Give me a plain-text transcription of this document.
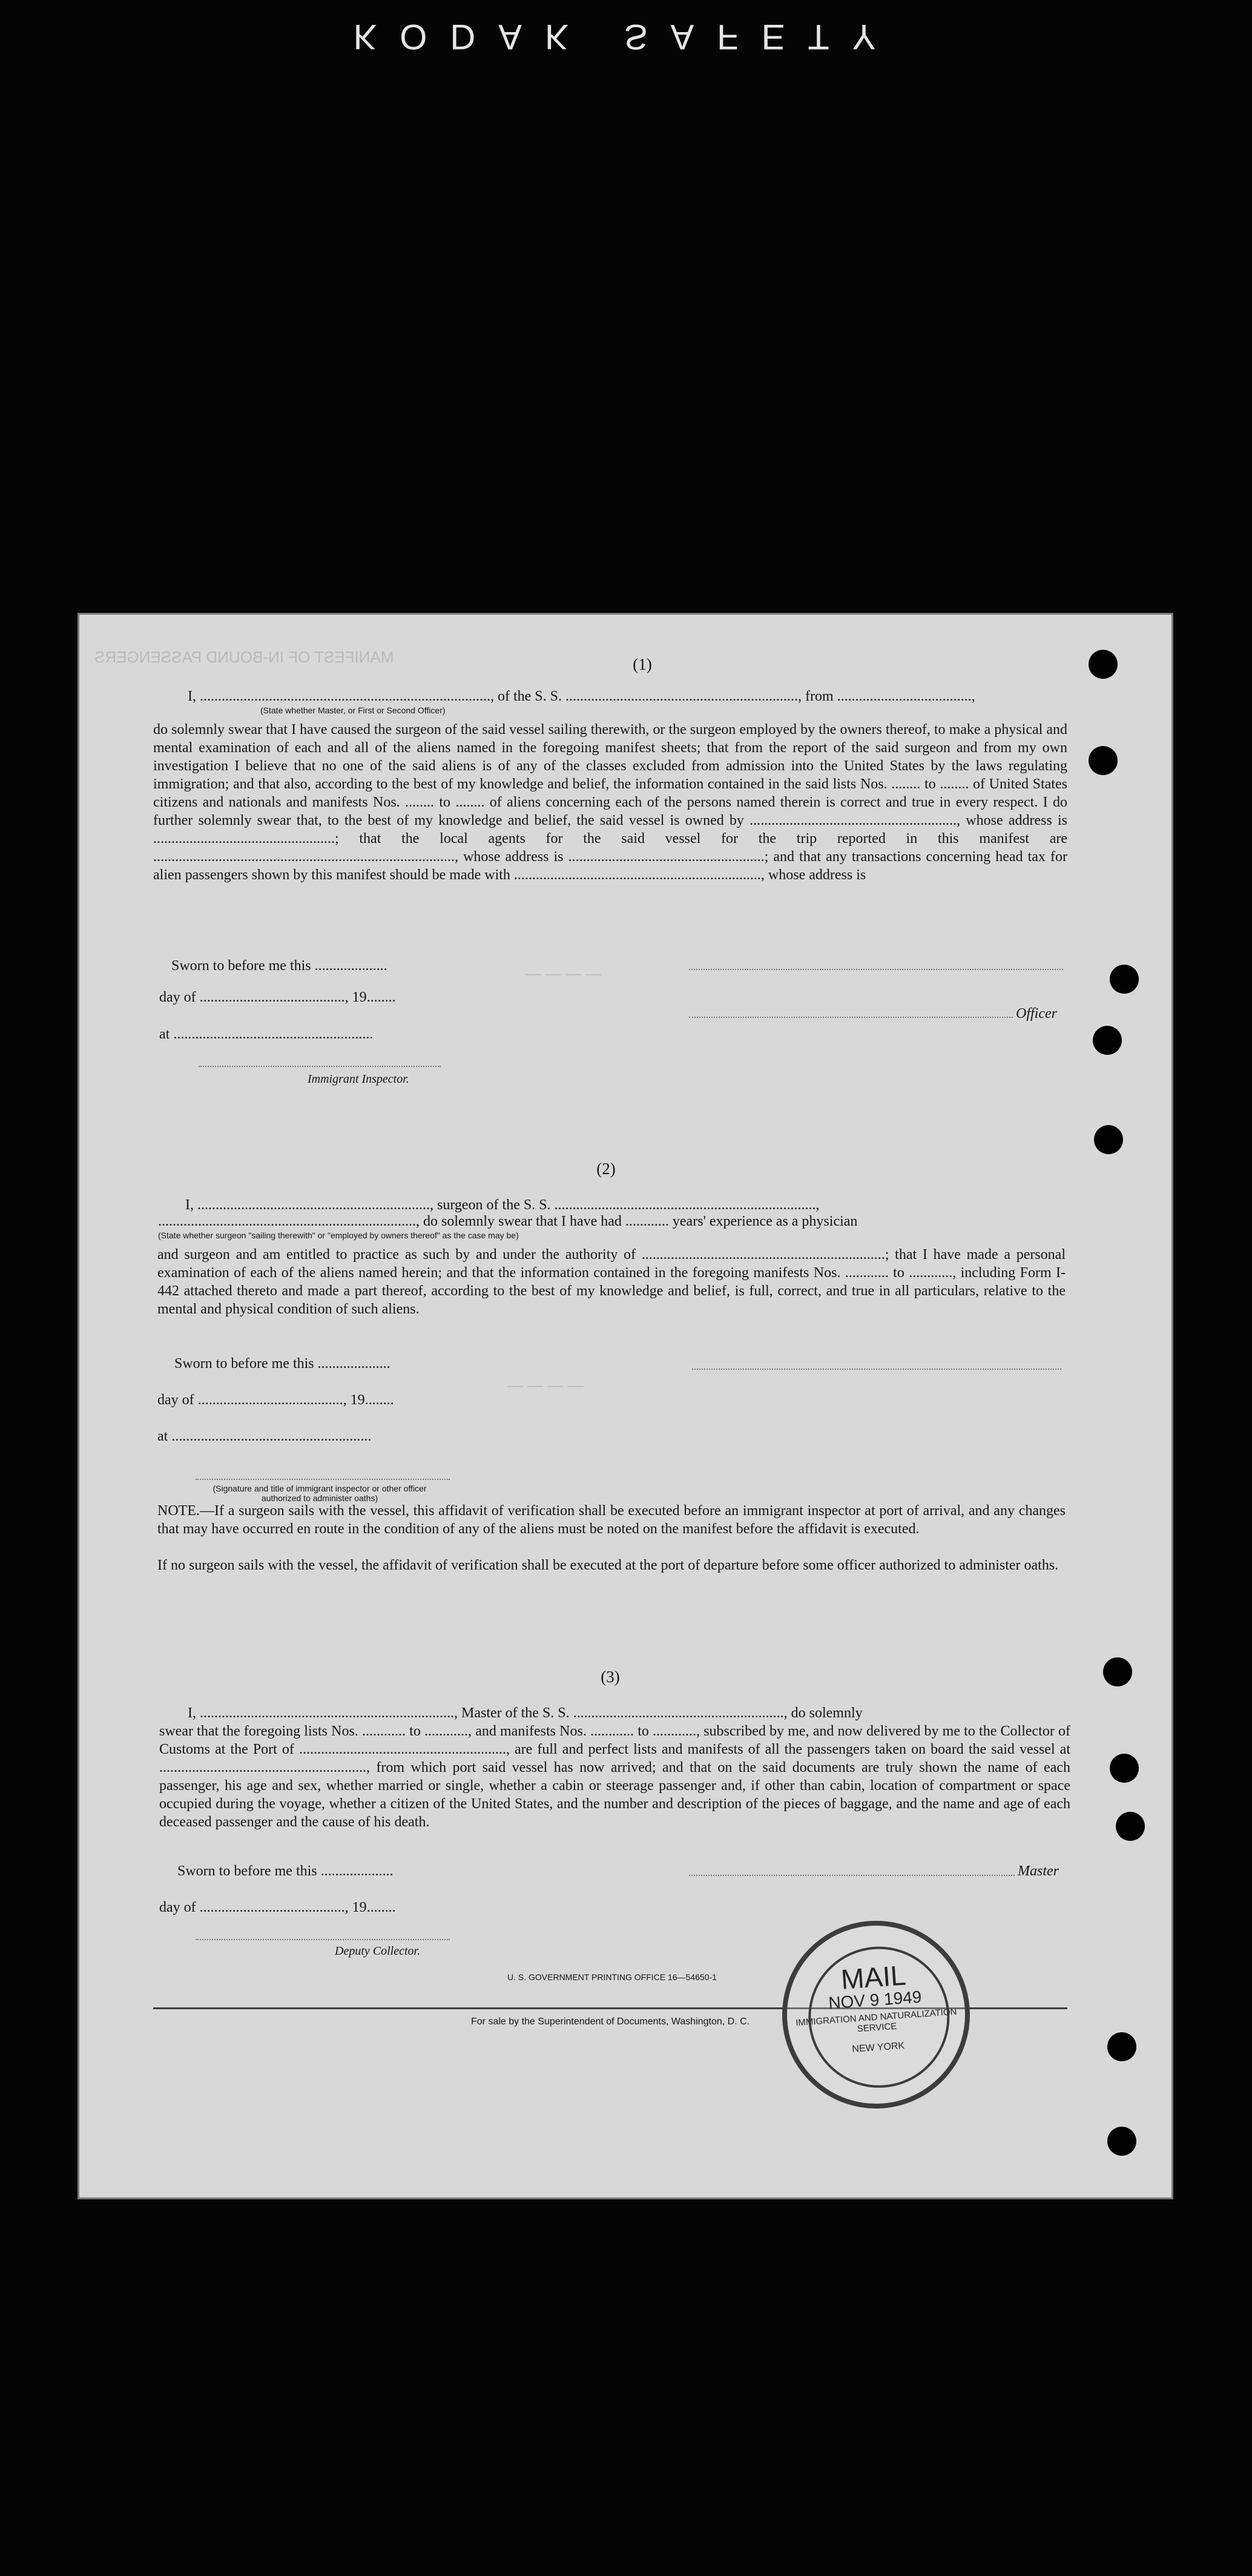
KODAK SAFETY
MANIFEST OF IN-BOUND PASSENGERS
— — — —
— — — —
(1)
I, ................................................................................, of the S. S. ................................................................, from .....................................,
(State whether Master, or First or Second Officer)
do solemnly swear that I have caused the surgeon of the said vessel sailing therewith, or the surgeon employed by the owners thereof, to make a physical and mental examination of each and all of the aliens named in the foregoing manifest sheets; that from the report of the said surgeon and from my own investigation I believe that no one of the said aliens is of any of the classes excluded from admission into the United States by the laws regulating immigration; and that also, according to the best of my knowledge and belief, the information contained in the said lists Nos. ........ to ........ of United States citizens and nationals and manifests Nos. ........ to ........ of aliens concerning each of the persons named therein is correct and true in every respect. I do further solemnly swear that, to the best of my knowledge and belief, the said vessel is owned by ........................................................., whose address is ..................................................; that the local agents for the said vessel for the trip reported in this manifest are ..................................................................................., whose address is ......................................................; and that any transactions concerning head tax for alien passengers shown by this manifest should be made with ...................................................................., whose address is
Sworn to before me this ....................
day of ........................................, 19........
at .......................................................
Immigrant Inspector.
Officer
(2)
I, ................................................................, surgeon of the S. S. ........................................................................,
......................................................................., do solemnly swear that I have had ............ years' experience as a physician
(State whether surgeon "sailing therewith" or "employed by owners thereof" as the case may be)
and surgeon and am entitled to practice as such by and under the authority of ...................................................................; that I have made a personal examination of each of the aliens named herein; and that the information contained in the foregoing manifests Nos. ............ to ............, including Form I-442 attached thereto and made a part thereof, according to the best of my knowledge and belief, is full, correct, and true in all particulars, relative to the mental and physical condition of such aliens.
Sworn to before me this ....................
day of ........................................, 19........
at .......................................................
(Signature and title of immigrant inspector or other officer authorized to administer oaths)
NOTE.—If a surgeon sails with the vessel, this affidavit of verification shall be executed before an immigrant inspector at port of arrival, and any changes that may have occurred en route in the condition of any of the aliens must be noted on the manifest before the affidavit is executed.
If no surgeon sails with the vessel, the affidavit of verification shall be executed at the port of departure before some officer authorized to administer oaths.
(3)
I, ......................................................................, Master of the S. S. .........................................................., do solemnly
swear that the foregoing lists Nos. ............ to ............, and manifests Nos. ............ to ............, subscribed by me, and now delivered by me to the Collector of Customs at the Port of ........................................................., are full and perfect lists and manifests of all the passengers taken on board the said vessel at ........................................................., from which port said vessel has now arrived; and that on the said documents are truly shown the name of each passenger, his age and sex, whether married or single, whether a cabin or steerage passenger and, if other than cabin, location of compartment or space occupied during the voyage, whether a citizen of the United States, and the number and description of the pieces of baggage, and the name and age of each deceased passenger and the cause of his death.
Sworn to before me this ....................	Master
day of ........................................, 19........
Deputy Collector.
U. S. GOVERNMENT PRINTING OFFICE 16—54650-1
For sale by the Superintendent of Documents, Washington, D. C.
MAIL
NOV 9 1949
IMMIGRATION AND NATURALIZATION SERVICE
NEW YORK
